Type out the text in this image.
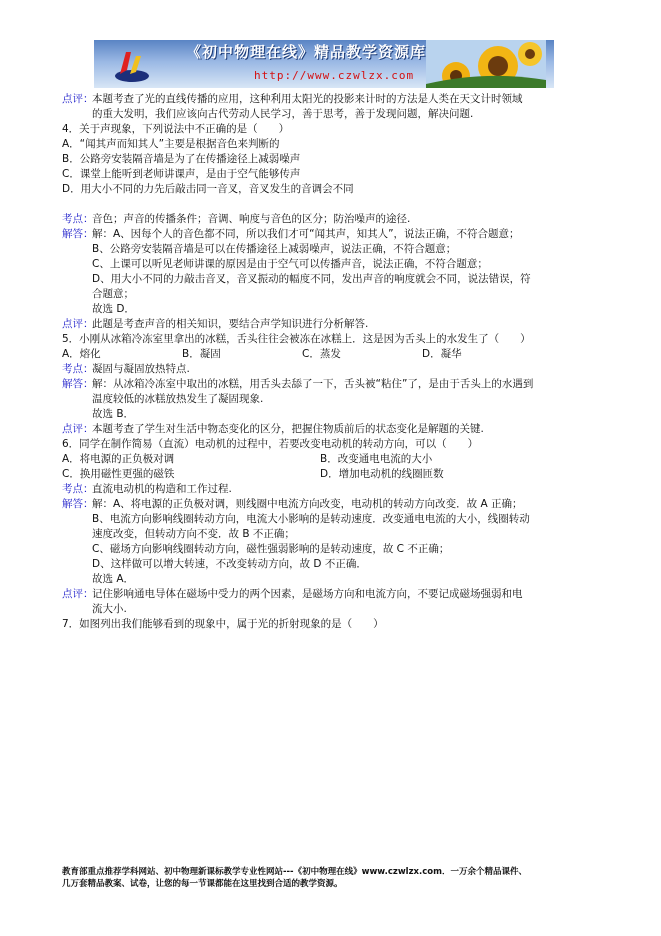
《初中物理在线》精品教学资源库
http://www.czwlzx.com
点评：本题考查了光的直线传播的应用，这种利用太阳光的投影来计时的方法是人类在天文计时领域
的重大发明，我们应该向古代劳动人民学习，善于思考，善于发现问题，解决问题.
4．关于声现象，下列说法中不正确的是（　　）
A．“闻其声而知其人”主要是根据音色来判断的
B．公路旁安装隔音墙是为了在传播途径上减弱噪声
C．课堂上能听到老师讲课声，是由于空气能够传声
D．用大小不同的力先后敲击同一音叉，音叉发生的音调会不同
考点：音色；声音的传播条件；音调、响度与音色的区分；防治噪声的途径.
解答：解：A、因每个人的音色都不同，所以我们才可“闻其声，知其人”，说法正确，不符合题意；
B、公路旁安装隔音墙是可以在传播途径上减弱噪声，说法正确，不符合题意；
C、上课可以听见老师讲课的原因是由于空气可以传播声音，说法正确，不符合题意；
D、用大小不同的力敲击音叉，音叉振动的幅度不同，发出声音的响度就会不同，说法错误，符
合题意；
故选 D．
点评：此题是考查声音的相关知识，要结合声学知识进行分析解答.
5．小刚从冰箱冷冻室里拿出的冰糕，舌头往往会被冻在冰糕上．这是因为舌头上的水发生了（　　）
A．熔化	B．凝固	C．蒸发	D．凝华
考点：凝固与凝固放热特点.
解答：解：从冰箱冷冻室中取出的冰糕，用舌头去舔了一下，舌头被“粘住”了，是由于舌头上的水遇到
温度较低的冰糕放热发生了凝固现象.
故选 B．
点评：本题考查了学生对生活中物态变化的区分，把握住物质前后的状态变化是解题的关键.
6．同学在制作简易（直流）电动机的过程中，若要改变电动机的转动方向，可以（　　）
A．将电源的正负极对调	B．改变通电电流的大小
C．换用磁性更强的磁铁	D．增加电动机的线圈匝数
考点：直流电动机的构造和工作过程.
解答：解：A、将电源的正负极对调，则线圈中电流方向改变，电动机的转动方向改变．故 A 正确；
B、电流方向影响线圈转动方向，电流大小影响的是转动速度．改变通电电流的大小，线圈转动
速度改变，但转动方向不变．故 B 不正确；
C、磁场方向影响线圈转动方向，磁性强弱影响的是转动速度，故 C 不正确；
D、这样做可以增大转速，不改变转动方向，故 D 不正确．
故选 A．
点评：记住影响通电导体在磁场中受力的两个因素，是磁场方向和电流方向，不要记成磁场强弱和电
流大小.
7．如图列出我们能够看到的现象中，属于光的折射现象的是（　　）
教育部重点推荐学科网站、初中物理新课标教学专业性网站---《初中物理在线》www.czwlzx.com．一万余个精品课件、
几万套精品教案、试卷，让您的每一节课都能在这里找到合适的教学资源。
